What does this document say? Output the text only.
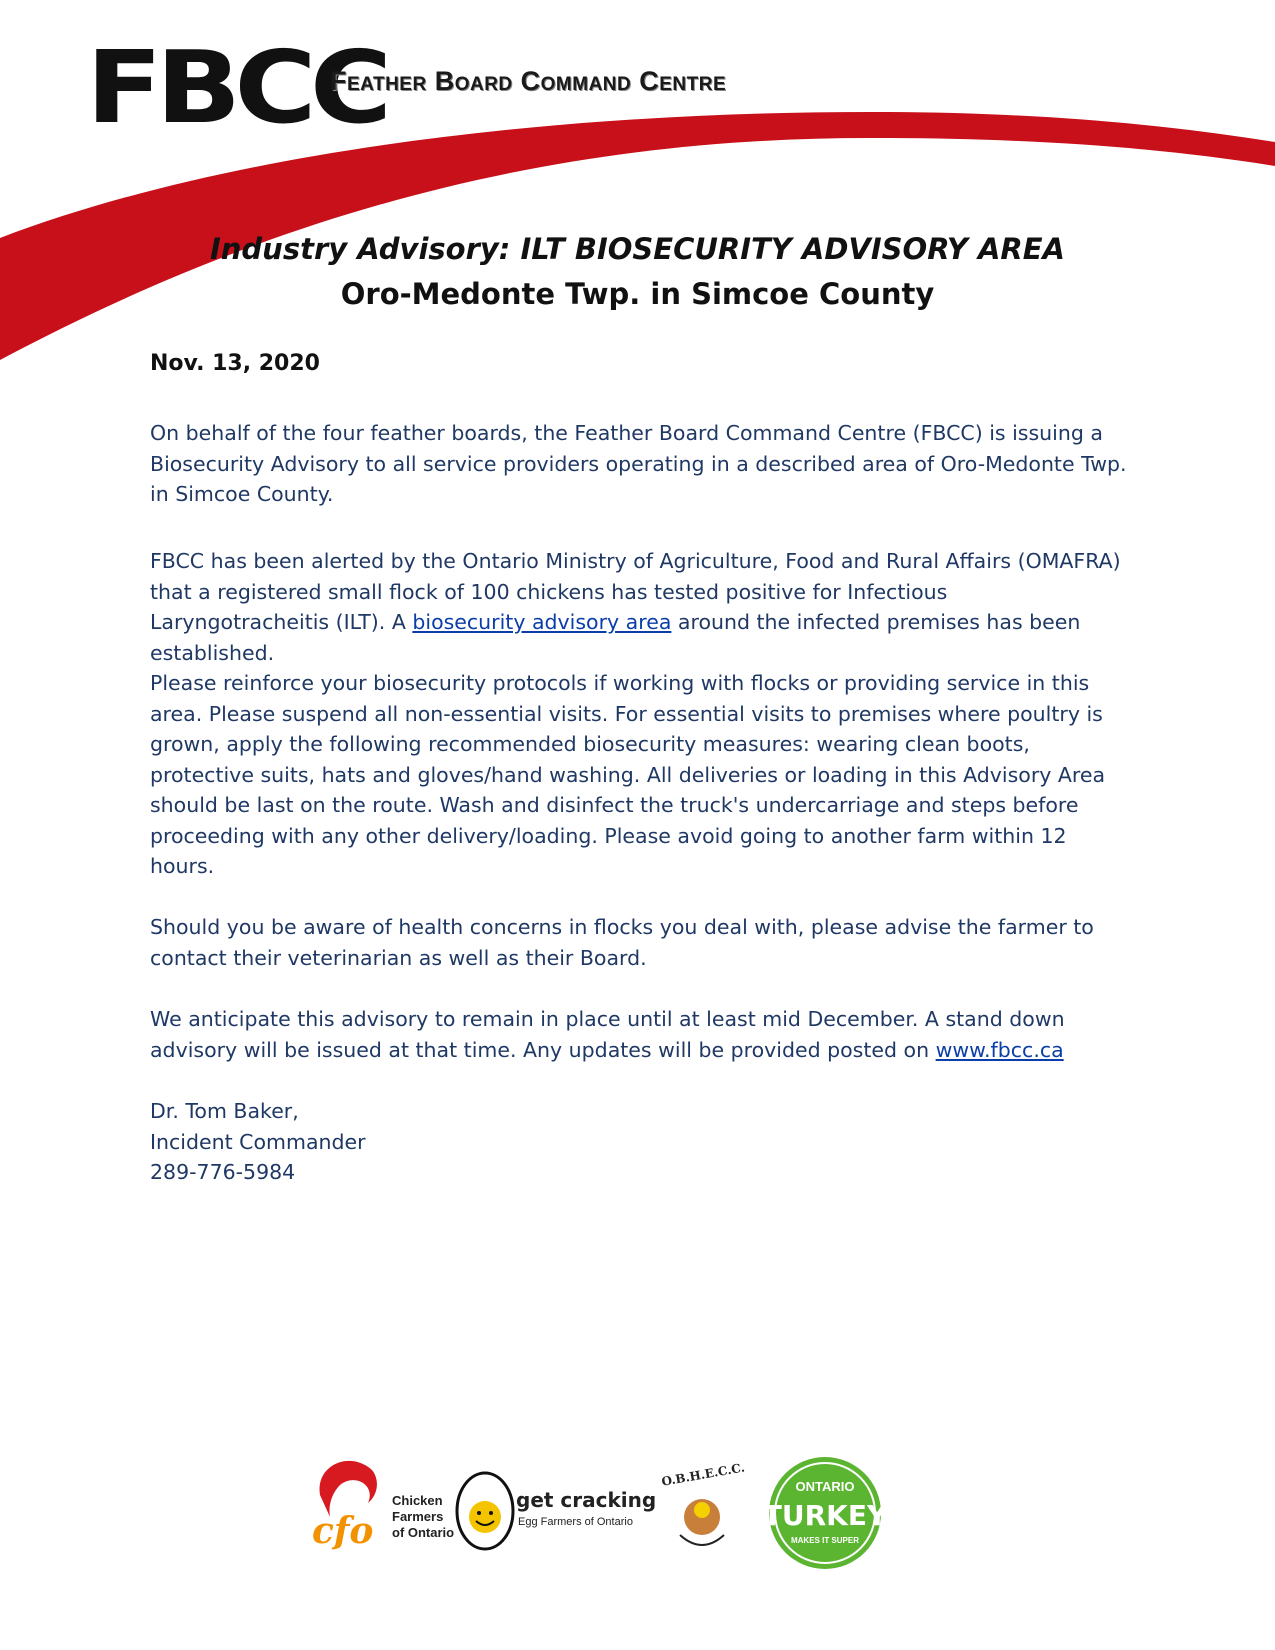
FBCC
Feather Board Command Centre
Industry Advisory: ILT BIOSECURITY ADVISORY AREA
Oro-Medonte Twp. in Simcoe County
Nov. 13, 2020

On behalf of the four feather boards, the Feather Board Command Centre (FBCC) is issuing a Biosecurity Advisory to all service providers operating in a described area of Oro-Medonte Twp. in Simcoe County.

FBCC has been alerted by the Ontario Ministry of Agriculture, Food and Rural Affairs (OMAFRA) that a registered small flock of 100 chickens has tested positive for Infectious Laryngotracheitis (ILT). A biosecurity advisory area around the infected premises has been established.

Please reinforce your biosecurity protocols if working with flocks or providing service in this area. Please suspend all non-essential visits. For essential visits to premises where poultry is grown, apply the following recommended biosecurity measures: wearing clean boots, protective suits, hats and gloves/hand washing. All deliveries or loading in this Advisory Area should be last on the route. Wash and disinfect the truck's undercarriage and steps before proceeding with any other delivery/loading. Please avoid going to another farm within 12 hours.

Should you be aware of health concerns in flocks you deal with, please advise the farmer to contact their veterinarian as well as their Board.

We anticipate this advisory to remain in place until at least mid December. A stand down advisory will be issued at that time. Any updates will be provided posted on www.fbcc.ca

Dr. Tom Baker,
Incident Commander
289-776-5984
cfo
Chicken
Farmers
of Ontario
get cracking
Egg Farmers of Ontario
O.B.H.E.C.C.	ONTARIO
TURKEY
MAKES IT SUPER
